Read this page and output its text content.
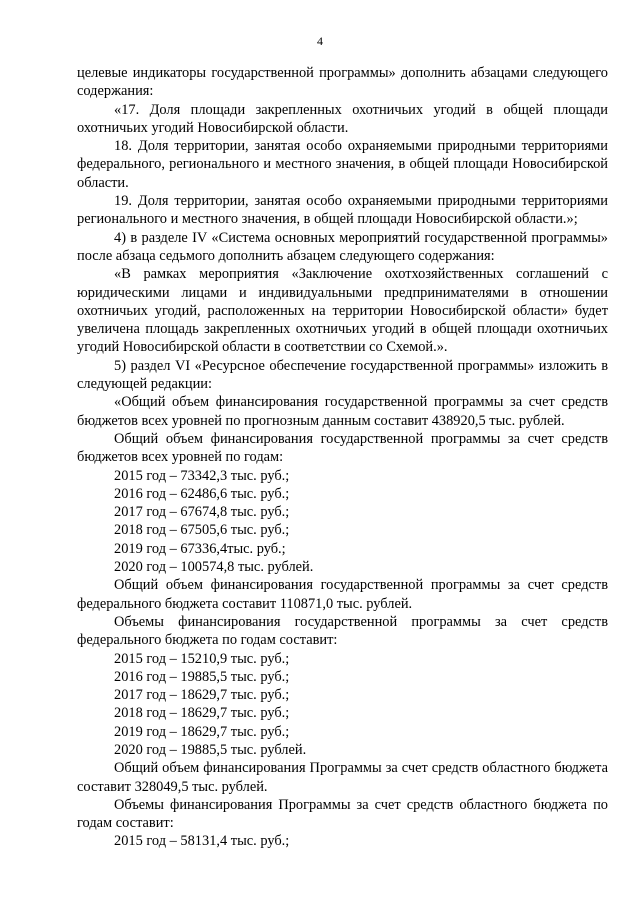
4

целевые индикаторы государственной программы» дополнить абзацами следующего содержания:

«17. Доля площади закрепленных охотничьих угодий в общей площади охотничьих угодий Новосибирской области.

18. Доля территории, занятая особо охраняемыми природными территориями федерального, регионального и местного значения, в общей площади Новосибирской области.

19. Доля территории, занятая особо охраняемыми природными территориями регионального и местного значения, в общей площади Новосибирской области.»;

4) в разделе IV «Система основных мероприятий государственной программы» после абзаца седьмого дополнить абзацем следующего содержания:

«В рамках мероприятия «Заключение охотхозяйственных соглашений с юридическими лицами и индивидуальными предпринимателями в отношении охотничьих угодий, расположенных на территории Новосибирской области» будет увеличена площадь закрепленных охотничьих угодий в общей площади охотничьих угодий Новосибирской области в соответствии со Схемой.».

5) раздел VI «Ресурсное обеспечение государственной программы» изложить в следующей редакции:

«Общий объем финансирования государственной программы за счет средств бюджетов всех уровней по прогнозным данным составит 438920,5 тыс. рублей.

Общий объем финансирования государственной программы за счет средств бюджетов всех уровней по годам:

2015 год – 73342,3 тыс. руб.;

2016 год – 62486,6 тыс. руб.;

2017 год – 67674,8 тыс. руб.;

2018 год – 67505,6 тыс. руб.;

2019 год – 67336,4тыс. руб.;

2020 год – 100574,8 тыс. рублей.

Общий объем финансирования государственной программы за счет средств федерального бюджета составит 110871,0 тыс. рублей.

Объемы финансирования государственной программы за счет средств федерального бюджета по годам составит:

2015 год – 15210,9 тыс. руб.;

2016 год – 19885,5 тыс. руб.;

2017 год – 18629,7 тыс. руб.;

2018 год – 18629,7 тыс. руб.;

2019 год – 18629,7 тыс. руб.;

2020 год – 19885,5 тыс. рублей.

Общий объем финансирования Программы за счет средств областного бюджета составит 328049,5 тыс. рублей.

Объемы финансирования Программы за счет средств областного бюджета по годам составит:

2015 год – 58131,4 тыс. руб.;
